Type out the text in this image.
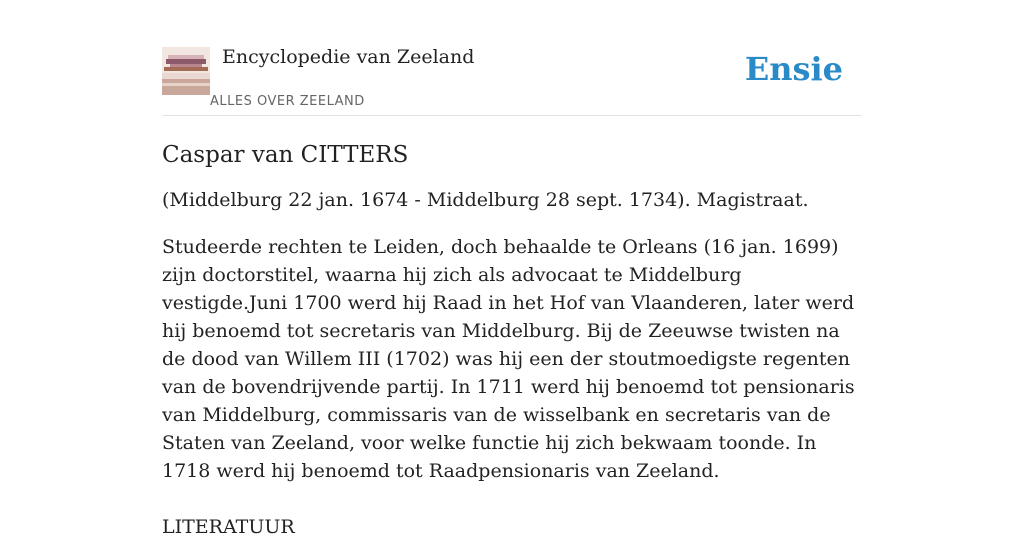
Encyclopedie van Zeeland
ALLES OVER ZEELAND
Ensie
Caspar van CITTERS

(Middelburg 22 jan. 1674 - Middelburg 28 sept. 1734). Magistraat.

Studeerde rechten te Leiden, doch behaalde te Orleans (16 jan. 1699) zijn doctorstitel, waarna hij zich als advocaat te Middelburg vestigde.Juni 1700 werd hij Raad in het Hof van Vlaanderen, later werd hij benoemd tot secretaris van Middelburg. Bij de Zeeuwse twisten na de dood van Willem III (1702) was hij een der stoutmoedigste regenten van de bovendrijvende partij. In 1711 werd hij benoemd tot pensionaris van Middelburg, commissaris van de wisselbank en secretaris van de Staten van Zeeland, voor welke functie hij zich bekwaam toonde. In 1718 werd hij benoemd tot Raadpensionaris van Zeeland.

LITERATUUR
